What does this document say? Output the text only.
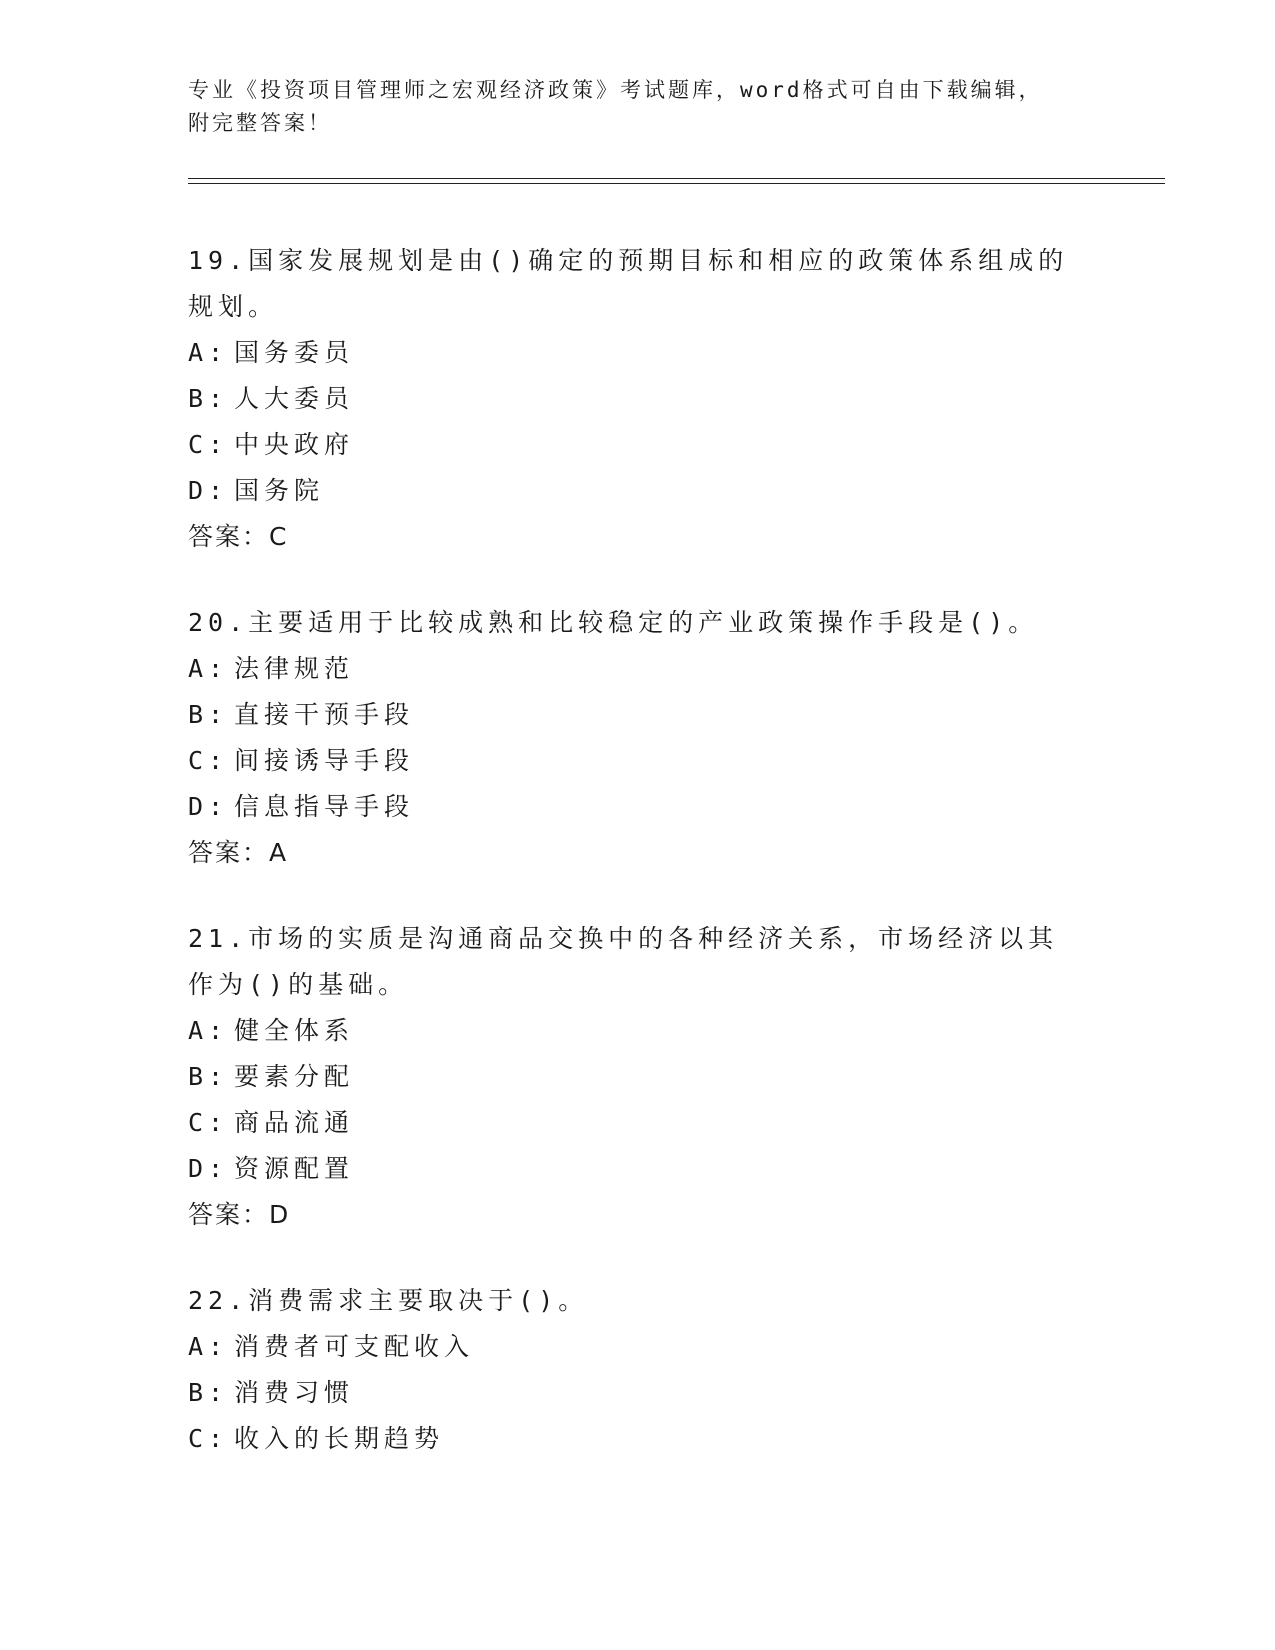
专业《投资项目管理师之宏观经济政策》考试题库，word格式可自由下载编辑，
附完整答案！
19.国家发展规划是由()确定的预期目标和相应的政策体系组成的规划。
A: 国务委员
B: 人大委员
C: 中央政府
D: 国务院
答案：C
20.主要适用于比较成熟和比较稳定的产业政策操作手段是()。
A: 法律规范
B: 直接干预手段
C: 间接诱导手段
D: 信息指导手段
答案：A
21.市场的实质是沟通商品交换中的各种经济关系，市场经济以其作为()的基础。
A: 健全体系
B: 要素分配
C: 商品流通
D: 资源配置
答案：D
22.消费需求主要取决于()。
A: 消费者可支配收入
B: 消费习惯
C: 收入的长期趋势
